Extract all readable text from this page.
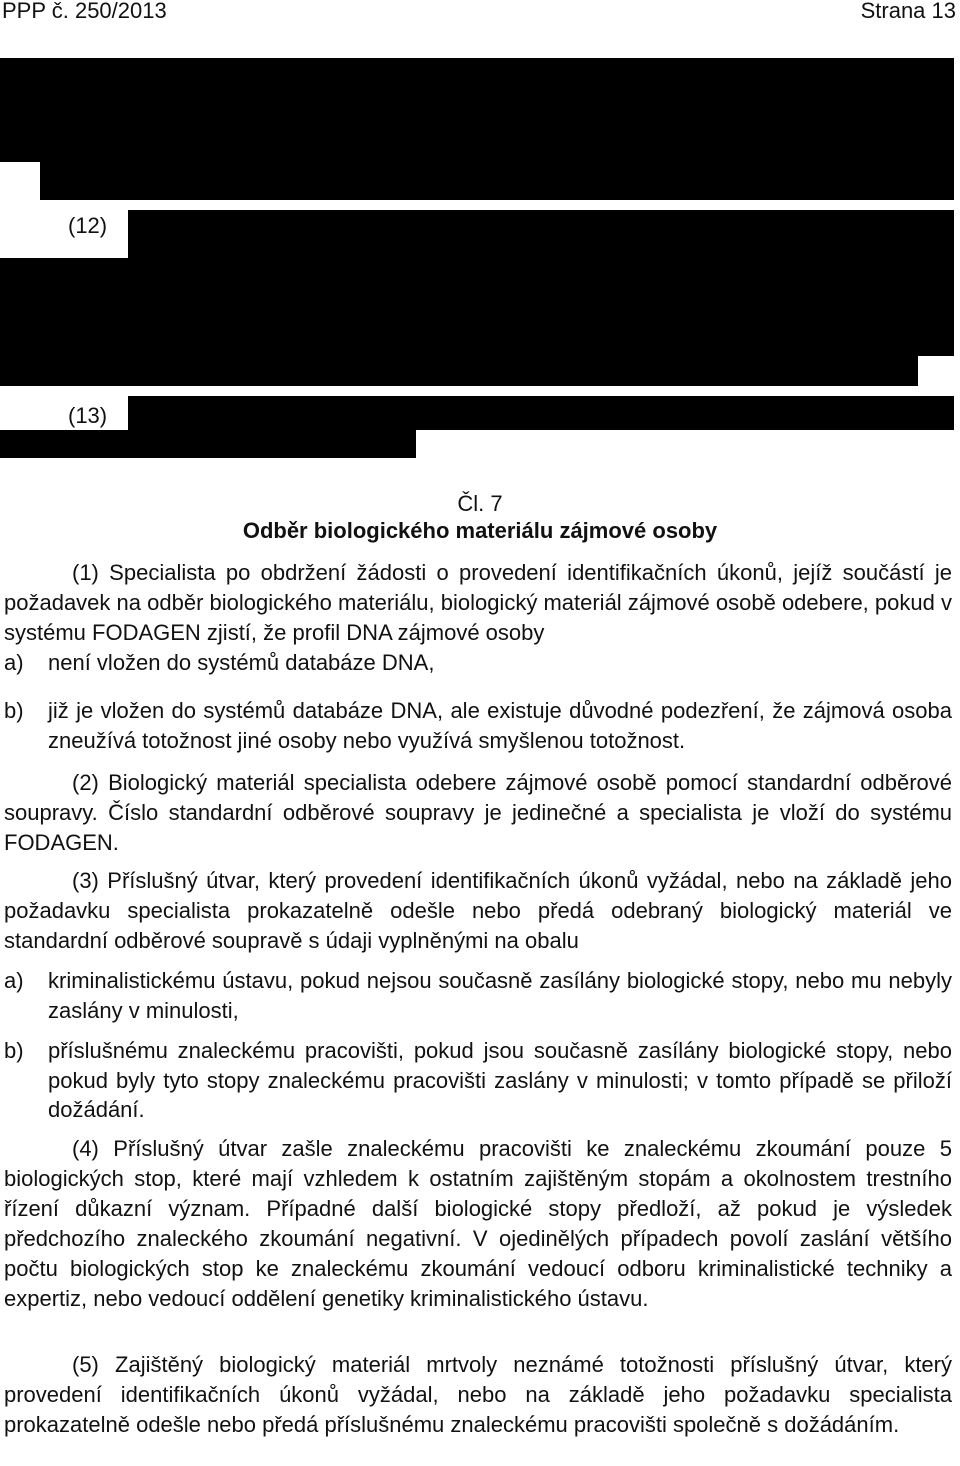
PPP č. 250/2013	Strana 13
(12)
(13)
Čl. 7
Odběr biologického materiálu zájmové osoby
(1) Specialista po obdržení žádosti o provedení identifikačních úkonů, jejíž součástí je požadavek na odběr biologického materiálu, biologický materiál zájmové osobě odebere, pokud v systému FODAGEN zjistí, že profil DNA zájmové osoby
a) není vložen do systémů databáze DNA,
b) již je vložen do systémů databáze DNA, ale existuje důvodné podezření, že zájmová osoba zneužívá totožnost jiné osoby nebo využívá smyšlenou totožnost.
(2) Biologický materiál specialista odebere zájmové osobě pomocí standardní odběrové soupravy. Číslo standardní odběrové soupravy je jedinečné a specialista je vloží do systému FODAGEN.
(3) Příslušný útvar, který provedení identifikačních úkonů vyžádal, nebo na základě jeho požadavku specialista prokazatelně odešle nebo předá odebraný biologický materiál ve standardní odběrové soupravě s údaji vyplněnými na obalu
a) kriminalistickému ústavu, pokud nejsou současně zasílány biologické stopy, nebo mu nebyly zaslány v minulosti,
b) příslušnému znaleckému pracovišti, pokud jsou současně zasílány biologické stopy, nebo pokud byly tyto stopy znaleckému pracovišti zaslány v minulosti; v tomto případě se přiloží dožádání.
(4) Příslušný útvar zašle znaleckému pracovišti ke znaleckému zkoumání pouze 5 biologických stop, které mají vzhledem k ostatním zajištěným stopám a okolnostem trestního řízení důkazní význam. Případné další biologické stopy předloží, až pokud je výsledek předchozího znaleckého zkoumání negativní. V ojedinělých případech povolí zaslání většího počtu biologických stop ke znaleckému zkoumání vedoucí odboru kriminalistické techniky a expertiz, nebo vedoucí oddělení genetiky kriminalistického ústavu.
(5) Zajištěný biologický materiál mrtvoly neznámé totožnosti příslušný útvar, který provedení identifikačních úkonů vyžádal, nebo na základě jeho požadavku specialista prokazatelně odešle nebo předá příslušnému znaleckému pracovišti společně s dožádáním.
